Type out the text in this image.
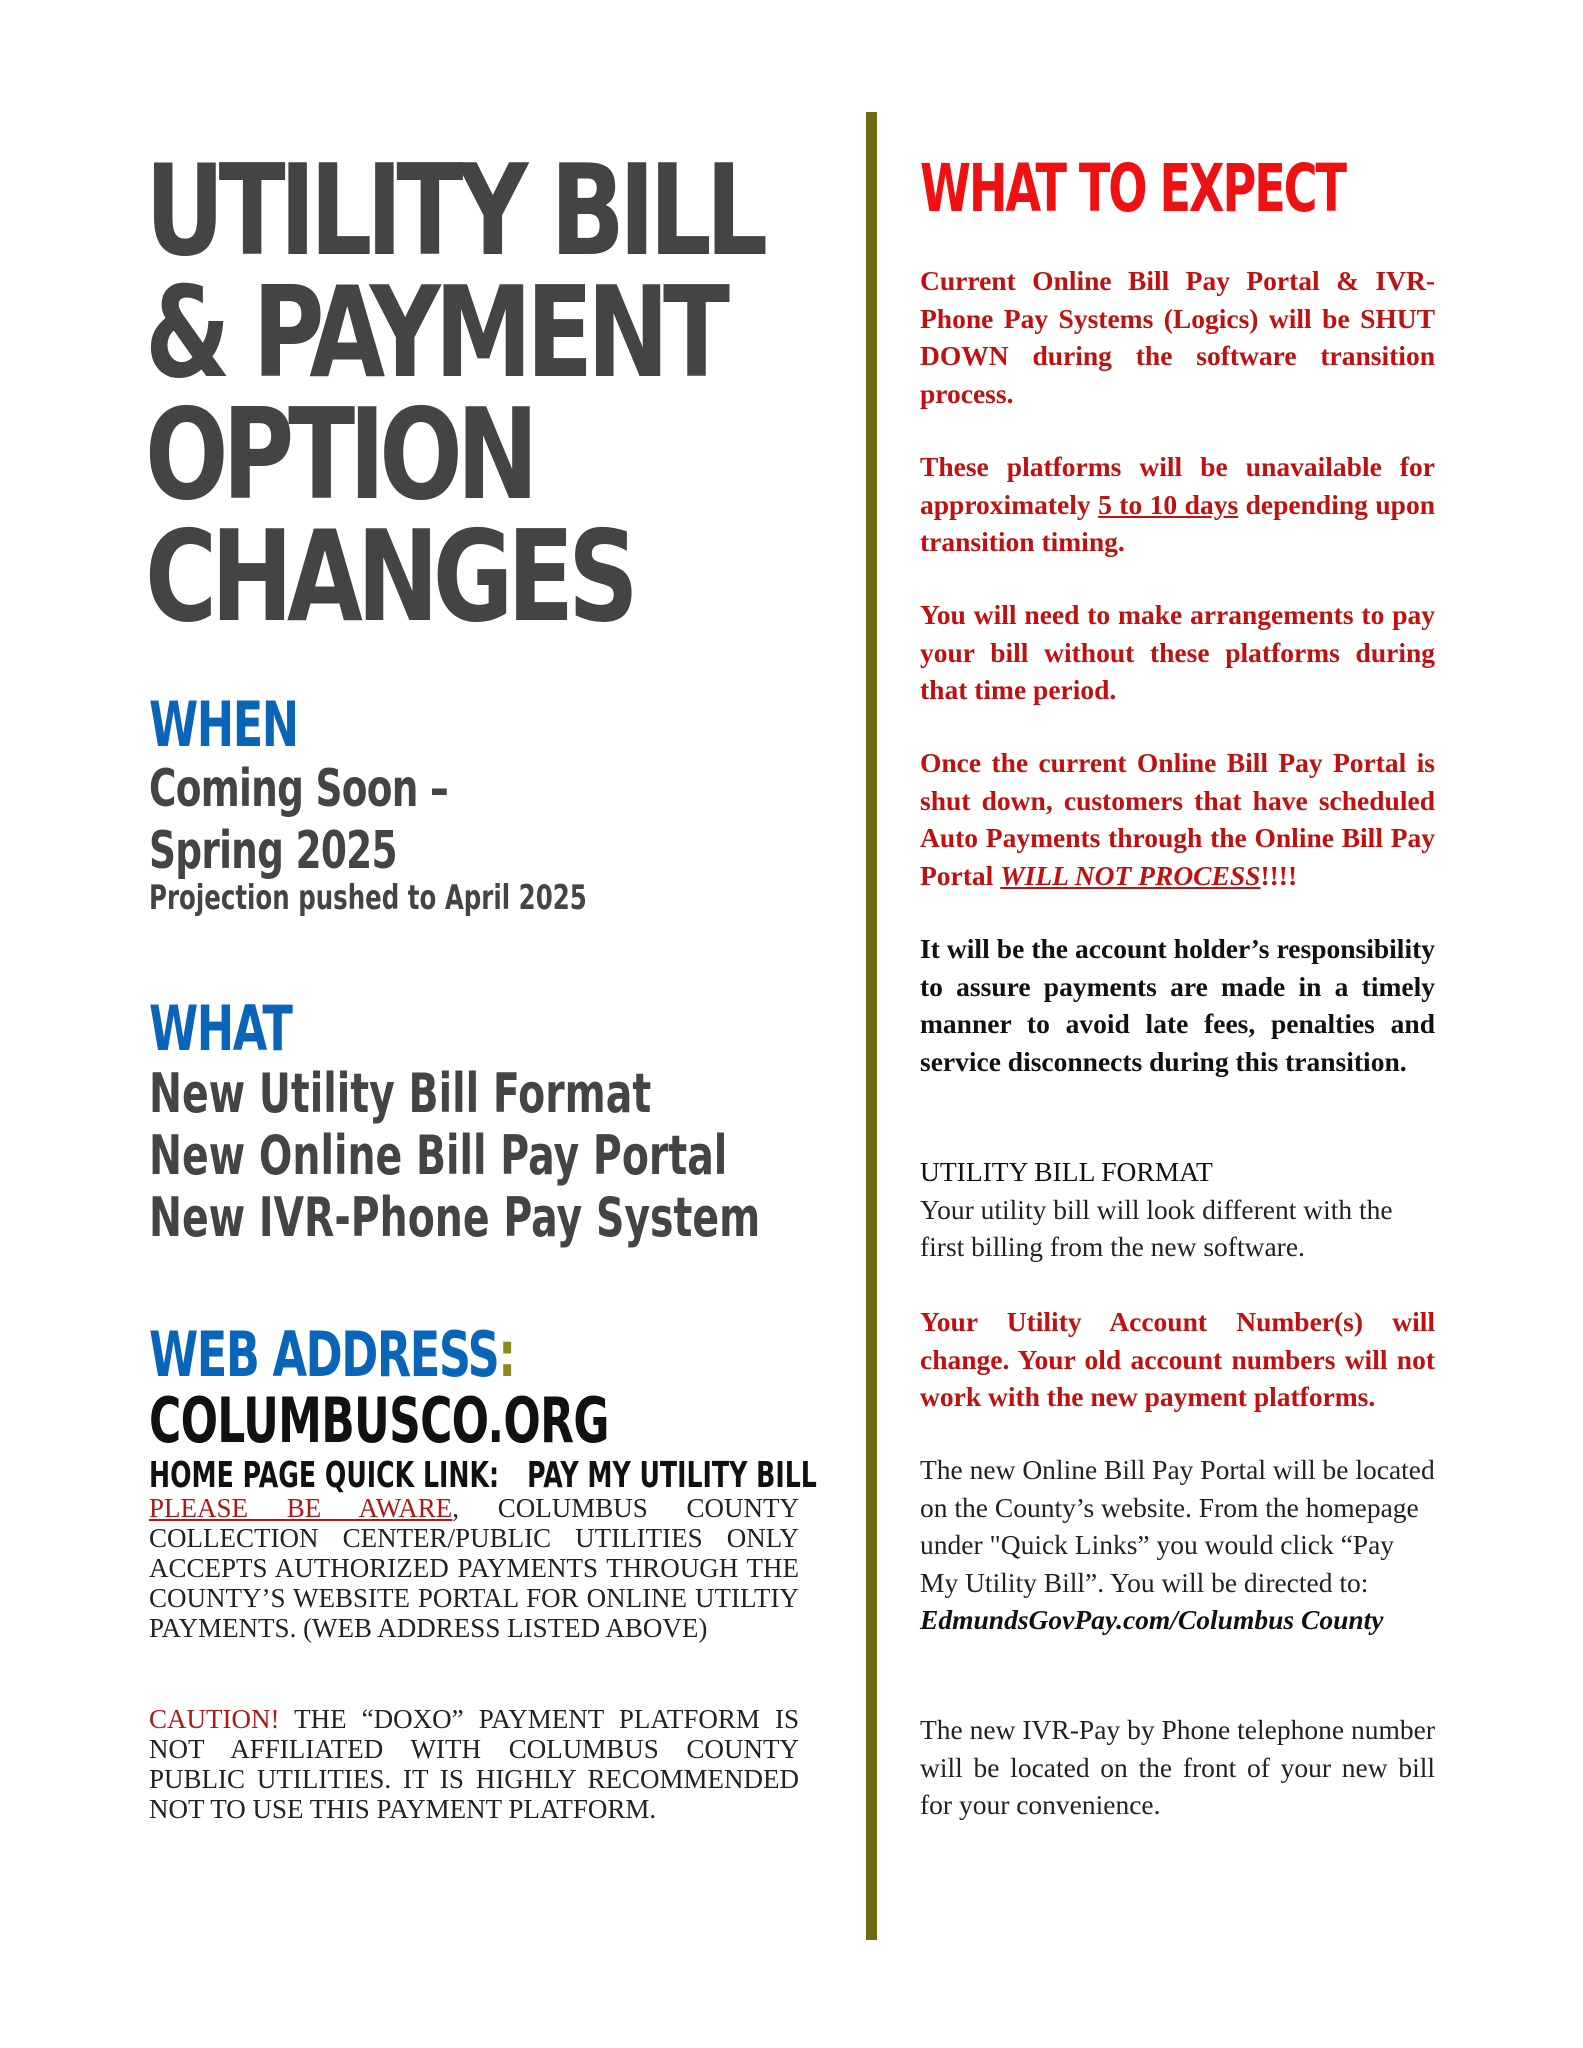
UTILITY BILL
& PAYMENT
OPTION
CHANGES
WHEN
Coming Soon –
Spring 2025
Projection pushed to April 2025
WHAT
New Utility Bill Format
New Online Bill Pay Portal
New IVR-Phone Pay System
WEB ADDRESS:
COLUMBUSCO.ORG
HOME PAGE QUICK LINK: PAY MY UTILITY BILL

PLEASE BE AWARE, COLUMBUS COUNTY COLLECTION CENTER/PUBLIC UTILITIES ONLY ACCEPTS AUTHORIZED PAYMENTS THROUGH THE COUNTY’S WEBSITE PORTAL FOR ONLINE UTILTIY PAYMENTS. (WEB ADDRESS LISTED ABOVE)

CAUTION! THE “DOXO” PAYMENT PLATFORM IS NOT AFFILIATED WITH COLUMBUS COUNTY PUBLIC UTILITIES. IT IS HIGHLY RECOMMENDED NOT TO USE THIS PAYMENT PLATFORM.

WHAT TO EXPECT

Current Online Bill Pay Portal & IVR-Phone Pay Systems (Logics) will be SHUT DOWN during the software transition process.

These platforms will be unavailable for approximately 5 to 10 days depending upon transition timing.

You will need to make arrangements to pay your bill without these platforms during that time period.

Once the current Online Bill Pay Portal is shut down, customers that have scheduled Auto Payments through the Online Bill Pay Portal WILL NOT PROCESS!!!!

It will be the account holder’s responsibility to assure payments are made in a timely manner to avoid late fees, penalties and service disconnects during this transition.

UTILITY BILL FORMAT
Your utility bill will look different with the first billing from the new software.

Your Utility Account Number(s) will change. Your old account numbers will not work with the new payment platforms.

The new Online Bill Pay Portal will be located on the County’s website. From the homepage under "Quick Links” you would click “Pay My Utility Bill”. You will be directed to:
EdmundsGovPay.com/Columbus County

The new IVR-Pay by Phone telephone number will be located on the front of your new bill for your convenience.
